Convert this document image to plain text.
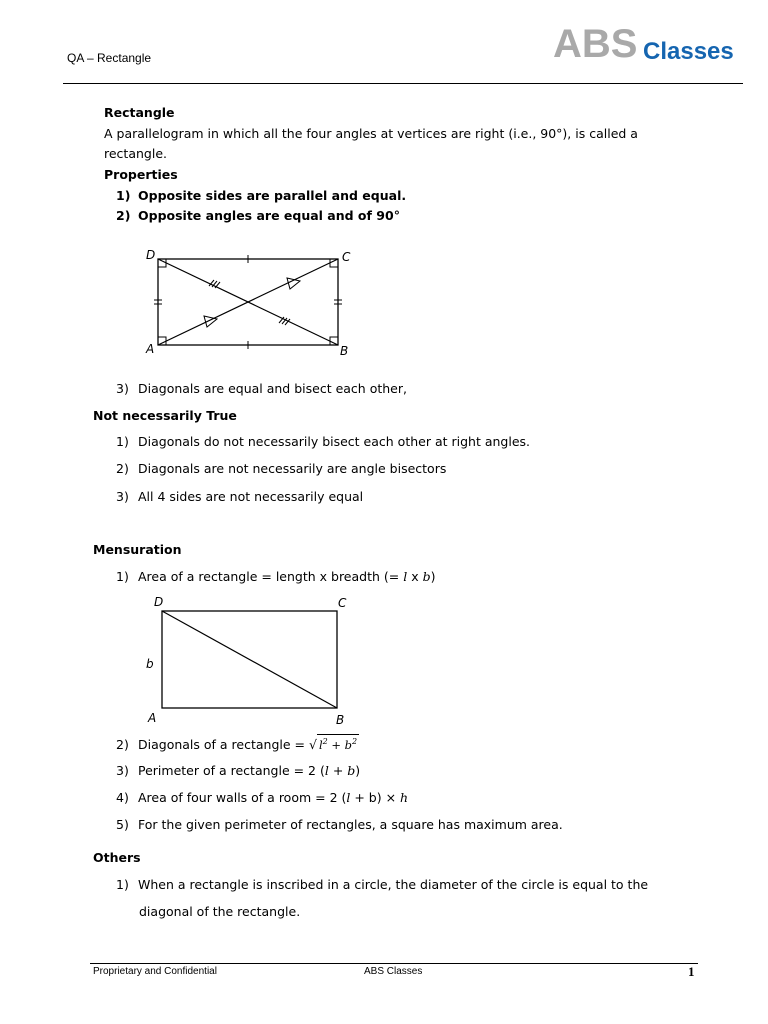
QA – Rectangle	ABS Classes
Rectangle
A parallelogram in which all the four angles at vertices are right (i.e., 90°), is called a
rectangle.
Properties
1) Opposite sides are parallel and equal.
2) Opposite angles are equal and of 90°
D	C
A	B
3) Diagonals are equal and bisect each other,
Not necessarily True
1) Diagonals do not necessarily bisect each other at right angles.
2) Diagonals are not necessarily are angle bisectors
3) All 4 sides are not necessarily equal
Mensuration
1) Area of a rectangle = length x breadth (= l x b)
D	C
A	B
b
2) Diagonals of a rectangle = √ $l^2 + b^2$
3) Perimeter of a rectangle = 2 (l + b)
4) Area of four walls of a room = 2 (l + b) × h
5) For the given perimeter of rectangles, a square has maximum area.
Others
1) When a rectangle is inscribed in a circle, the diameter of the circle is equal to the
diagonal of the rectangle.
Proprietary and Confidential	ABS Classes	1
